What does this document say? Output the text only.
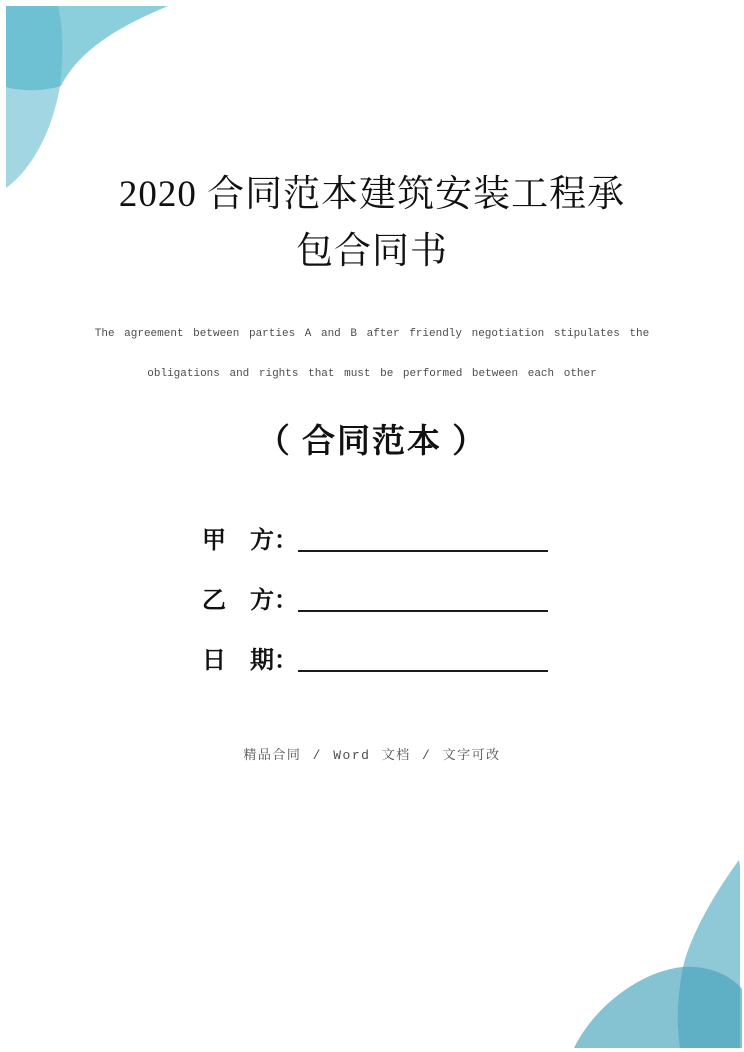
2020 合同范本建筑安装工程承
包合同书
The agreement between parties A and B after friendly negotiation stipulates the
obligations and rights that must be performed between each other
（ 合同范本 ）
甲　方：
乙　方：
日　期：
精品合同 / Word 文档 / 文字可改
